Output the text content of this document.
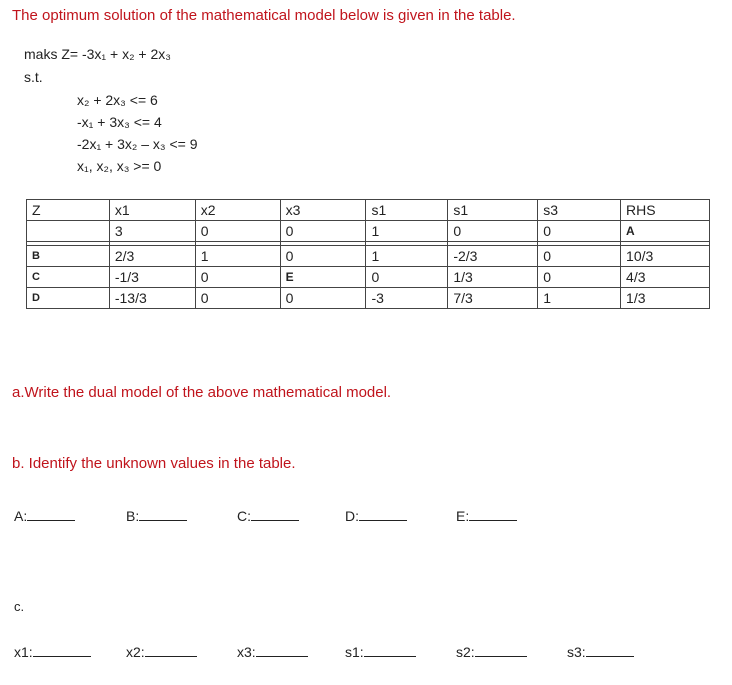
The optimum solution of the mathematical model below is given in the table.
maks Z= -3x₁ + x₂ + 2x₃
s.t.
x₂ + 2x₃ <= 6
-x₁ + 3x₃ <= 4
-2x₁ + 3x₂ – x₃ <= 9
x₁, x₂, x₃ >= 0
Z	x1	x2	x3	s1	s1	s3	RHS
	3	0	0	1	0	0	A

B	2/3	1	0	1	-2/3	0	10/3
C	-1/3	0	E	0	1/3	0	4/3
D	-13/3	0	0	-3	7/3	1	1/3
a.Write the dual model of the above mathematical model.
b. Identify the unknown values in the table.
A:	B:	C:	D:	E:
c.
x1:	x2:	x3:	s1:	s2:	s3:
